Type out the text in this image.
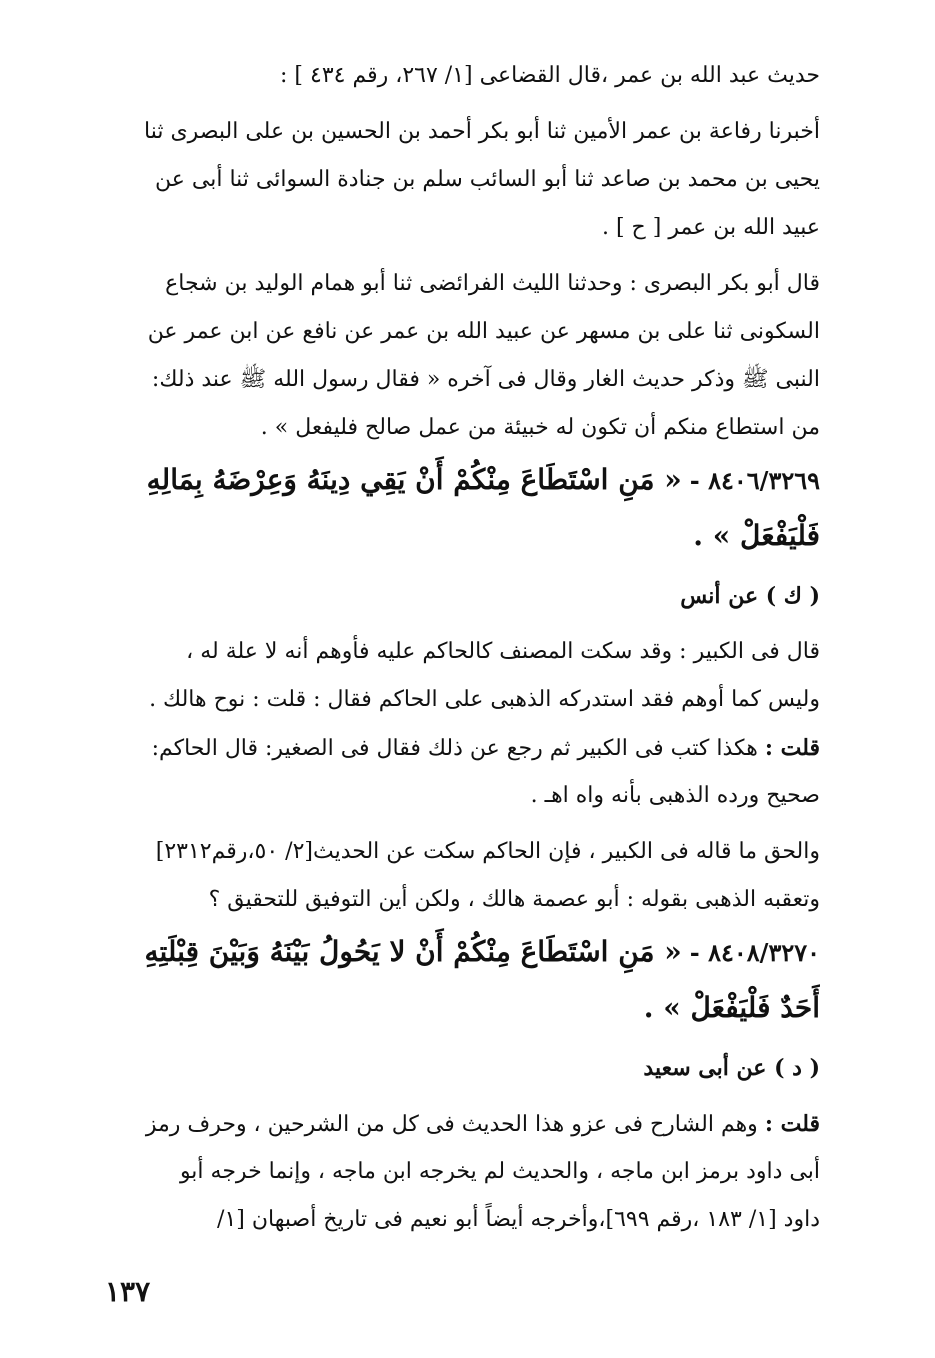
حديث عبد الله بن عمر ،قال القضاعى [١/ ٢٦٧، رقم ٤٣٤ ] :
أخبرنا رفاعة بن عمر الأمين ثنا أبو بكر أحمد بن الحسين بن على البصرى ثنا
يحيى بن محمد بن صاعد ثنا أبو السائب سلم بن جنادة السوائى ثنا أبى عن
عبيد الله بن عمر [ ح ] .
قال أبو بكر البصرى : وحدثنا الليث الفرائضى ثنا أبو همام الوليد بن شجاع
السكونى ثنا على بن مسهر عن عبيد الله بن عمر عن نافع عن ابن عمر عن
النبى ﷺ وذكر حديث الغار وقال فى آخره « فقال رسول الله ﷺ عند ذلك:
من استطاع منكم أن تكون له خبيئة من عمل صالح فليفعل » .
٨٤٠٦/٣٢٦٩ -« مَنِ اسْتَطَاعَ مِنْكُمْ أَنْ يَقِي دِينَهُ وَعِرْضَهُ بِمَالِهِ
فَلْيَفْعَلْ » .
( ك ) عن أنس
قال فى الكبير : وقد سكت المصنف كالحاكم عليه فأوهم أنه لا علة له ،
وليس كما أوهم فقد استدركه الذهبى على الحاكم فقال : قلت : نوح هالك .
قلت : هكذا كتب فى الكبير ثم رجع عن ذلك فقال فى الصغير: قال الحاكم:
صحيح ورده الذهبى بأنه واه اهـ .
والحق ما قاله فى الكبير ، فإن الحاكم سكت عن الحديث[٢/ ٥٠،رقم٢٣١٢]
وتعقبه الذهبى بقوله : أبو عصمة هالك ، ولكن أين التوفيق للتحقيق ؟
٨٤٠٨/٣٢٧٠ -« مَنِ اسْتَطَاعَ مِنْكُمْ أَنْ لا يَحُولُ بَيْنَهُ وَبَيْنَ قِبْلَتِهِ
أَحَدٌ فَلْيَفْعَلْ » .
( د ) عن أبى سعيد
قلت : وهم الشارح فى عزو هذا الحديث فى كل من الشرحين ، وحرف رمز
أبى داود برمز ابن ماجه ، والحديث لم يخرجه ابن ماجه ، وإنما خرجه أبو
داود [١/ ١٨٣ ،رقم ٦٩٩]،وأخرجه أيضاً أبو نعيم فى تاريخ أصبهان [١/
١٣٧
